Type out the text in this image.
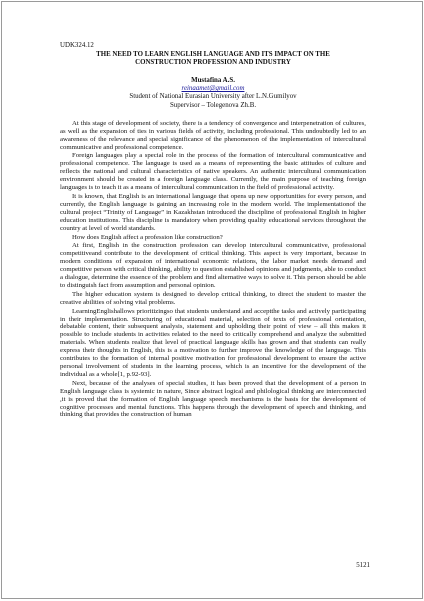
UDK324.12
THE NEED TO LEARN ENGLISH LANGUAGE AND ITS IMPACT ON THE
CONSTRUCTION PROFESSION AND INDUSTRY
Mustafina A.S.
reinaamet@gmail.com
Student of National Eurasian University after L.N.Gumilyov
Supervisor – Tolegenova Zh.B.

At this stage of development of society, there is a tendency of convergence and interpenetration of cultures, as well as the expansion of ties in various fields of activity, including professional. This undoubtedly led to an awareness of the relevance and special significance of the phenomenon of the implementation of intercultural communicative and professional competence.

Foreign languages play a special role in the process of the formation of intercultural communicative and professional competence. The language is used as a means of representing the basic attitudes of culture and reflects the national and cultural characteristics of native speakers. An authentic intercultural communication environment should be created in a foreign language class. Currently, the main purpose of teaching foreign languages is to teach it as a means of intercultural communication in the field of professional activity.

It is known, that English is an international language that opens up new opportunities for every person, and currently, the English language is gaining an increasing role in the modern world. The implementationof the cultural project “Trinity of Language” in Kazakhstan introduced the discipline of professional English in higher education institutions. This discipline is mandatory when providing quality educational services throughout the country at level of world standards.

How does English affect a profession like construction?

At first, English in the construction profession can develop intercultural communicative, professional competitiveand contribute to the development of critical thinking. This aspect is very important, because in modern conditions of expansion of international economic relations, the labor market needs demand and competitive person with critical thinking, ability to question established opinions and judgments, able to conduct a dialogue, determine the essence of the problem and find alternative ways to solve it. This person should be able to distinguish fact from assumption and personal opinion.

The higher education system is designed to develop critical thinking, to direct the student to master the creative abilities of solving vital problems.

LearningEnglishallows prioritizingso that students understand and acceptthe tasks and actively participating in their implementation. Structuring of educational material, selection of texts of professional orientation, debatable content, their subsequent analysis, statement and upholding their point of view – all this makes it possible to include students in activities related to the need to critically comprehend and analyze the submitted materials. When students realize that level of practical language skills has grown and that students can really express their thoughts in English, this is a motivation to further improve the knowledge of the language. This contributes to the formation of internal positive motivation for professional development to ensure the active personal involvement of students in the learning process, which is an incentive for the development of the individual as a whole[1, p.92-93].

Next, because of the analyses of special studies, it has been proved that the development of a person in English language class is systemic in nature, Since abstract logical and philological thinking are interconnected ,it is proved that the formation of English language speech mechanisms is the basis for the development of cognitive processes and mental functions. This happens through the development of speech and thinking, and thinking that provides the construction of human

5121
